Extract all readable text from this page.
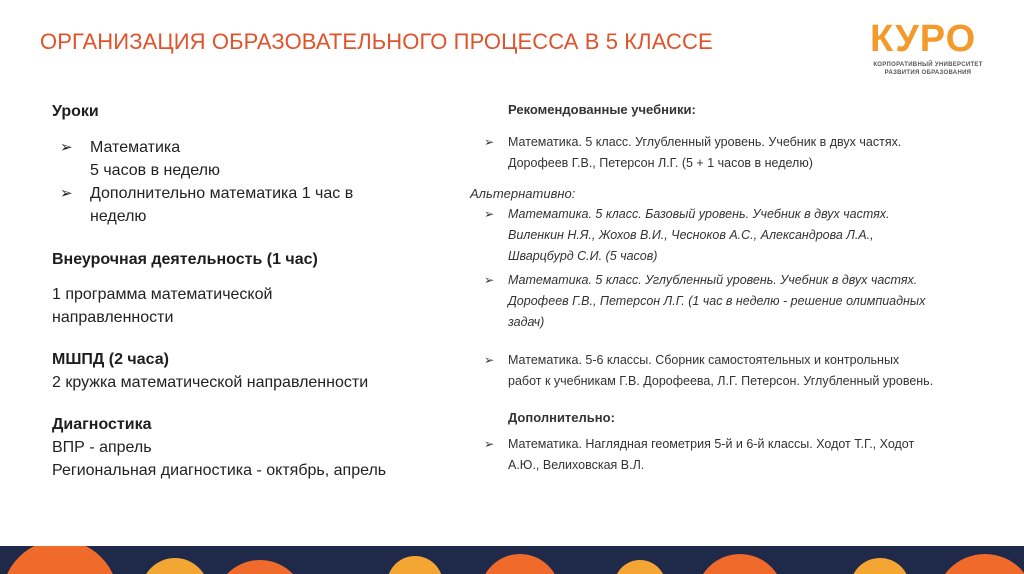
ОРГАНИЗАЦИЯ ОБРАЗОВАТЕЛЬНОГО ПРОЦЕССА В 5 КЛАССЕ	КУРО
КОРПОРАТИВНЫЙ УНИВЕРСИТЕТ
РАЗВИТИЯ ОБРАЗОВАНИЯ
Уроки
➢ Математика
5 часов в неделю
➢ Дополнительно математика 1 час в
неделю
Внеурочная деятельность (1 час)
1 программа математической
направленности
МШПД (2 часа)
2 кружка математической направленности
Диагностика
ВПР - апрель
Региональная диагностика - октябрь, апрель
Рекомендованные учебники:
➢ Математика. 5 класс. Углубленный уровень. Учебник в двух частях.
Дорофеев Г.В., Петерсон Л.Г. (5 + 1 часов в неделю)
Альтернативно:
➢ Математика. 5 класс. Базовый уровень. Учебник в двух частях.
Виленкин Н.Я., Жохов В.И., Чесноков А.С., Александрова Л.А.,
Шварцбурд С.И. (5 часов)
➢ Математика. 5 класс. Углубленный уровень. Учебник в двух частях.
Дорофеев Г.В., Петерсон Л.Г. (1 час в неделю - решение олимпиадных
задач)
➢ Математика. 5-6 классы. Сборник самостоятельных и контрольных
работ к учебникам Г.В. Дорофеева, Л.Г. Петерсон. Углубленный уровень.
Дополнительно:
➢ Математика. Наглядная геометрия 5-й и 6-й классы. Ходот Т.Г., Ходот
А.Ю., Велиховская В.Л.
